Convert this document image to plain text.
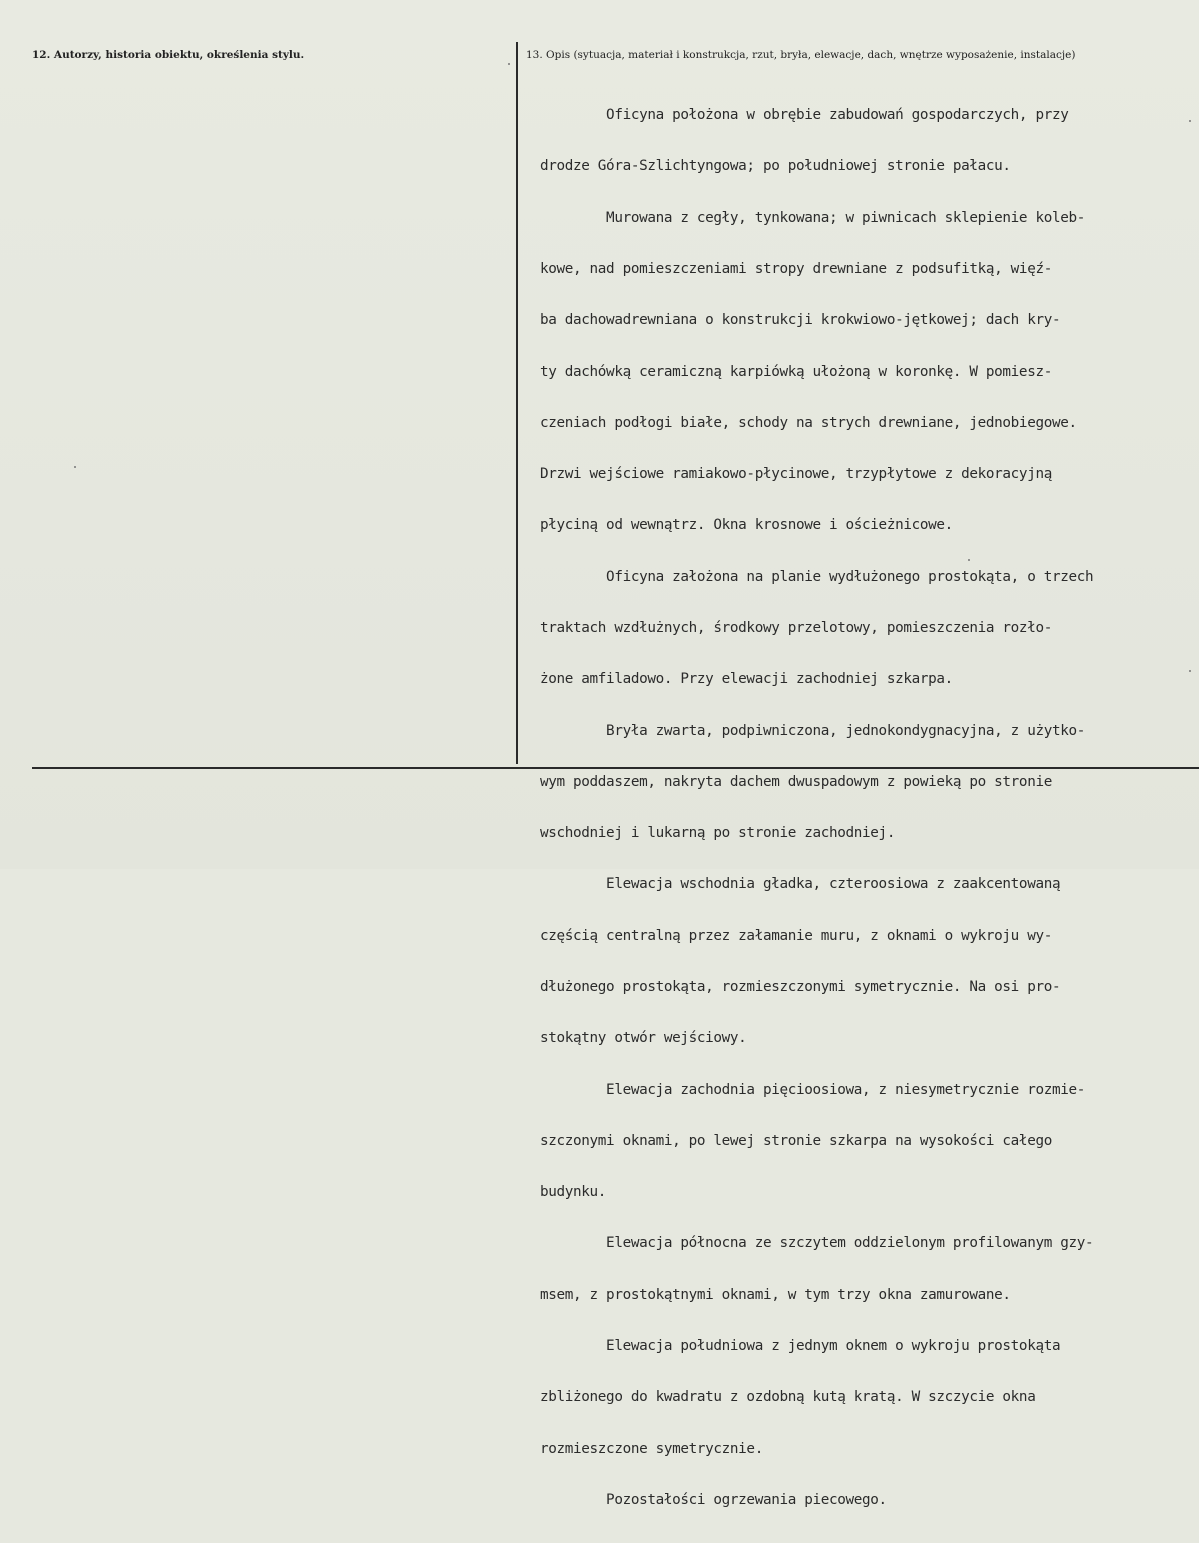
12. Autorzy, historia obiektu, określenia stylu.	13. Opis (sytuacja, materiał i konstrukcja, rzut, bryła, elewacje, dach, wnętrze wyposażenie, instalacje)

Oficyna położona w obrębie zabudowań gospodarczych, przy

drodze Góra-Szlichtyngowa; po południowej stronie pałacu.

Murowana z cegły, tynkowana; w piwnicach sklepienie koleb-

kowe, nad pomieszczeniami stropy drewniane z podsufitką, więź-

ba dachowadrewniana o konstrukcji krokwiowo-jętkowej; dach kry-

ty dachówką ceramiczną karpiówką ułożoną w koronkę. W pomiesz-

czeniach podłogi białe, schody na strych drewniane, jednobiegowe.

Drzwi wejściowe ramiakowo-płycinowe, trzypłytowe z dekoracyjną

płyciną od wewnątrz. Okna krosnowe i ościeżnicowe.

Oficyna założona na planie wydłużonego prostokąta, o trzech

traktach wzdłużnych, środkowy przelotowy, pomieszczenia rozło-

żone amfiladowo. Przy elewacji zachodniej szkarpa.

Bryła zwarta, podpiwniczona, jednokondygnacyjna, z użytko-

wym poddaszem, nakryta dachem dwuspadowym z powieką po stronie

wschodniej i lukarną po stronie zachodniej.

Elewacja wschodnia gładka, czteroosiowa z zaakcentowaną

częścią centralną przez załamanie muru, z oknami o wykroju wy-

dłużonego prostokąta, rozmieszczonymi symetrycznie. Na osi pro-

stokątny otwór wejściowy.

Elewacja zachodnia pięcioosiowa, z niesymetrycznie rozmie-

szczonymi oknami, po lewej stronie szkarpa na wysokości całego

budynku.

Elewacja północna ze szczytem oddzielonym profilowanym gzy-

msem, z prostokątnymi oknami, w tym trzy okna zamurowane.

Elewacja południowa z jednym oknem o wykroju prostokąta

zbliżonego do kwadratu z ozdobną kutą kratą. W szczycie okna

rozmieszczone symetrycznie.

Pozostałości ogrzewania piecowego.
